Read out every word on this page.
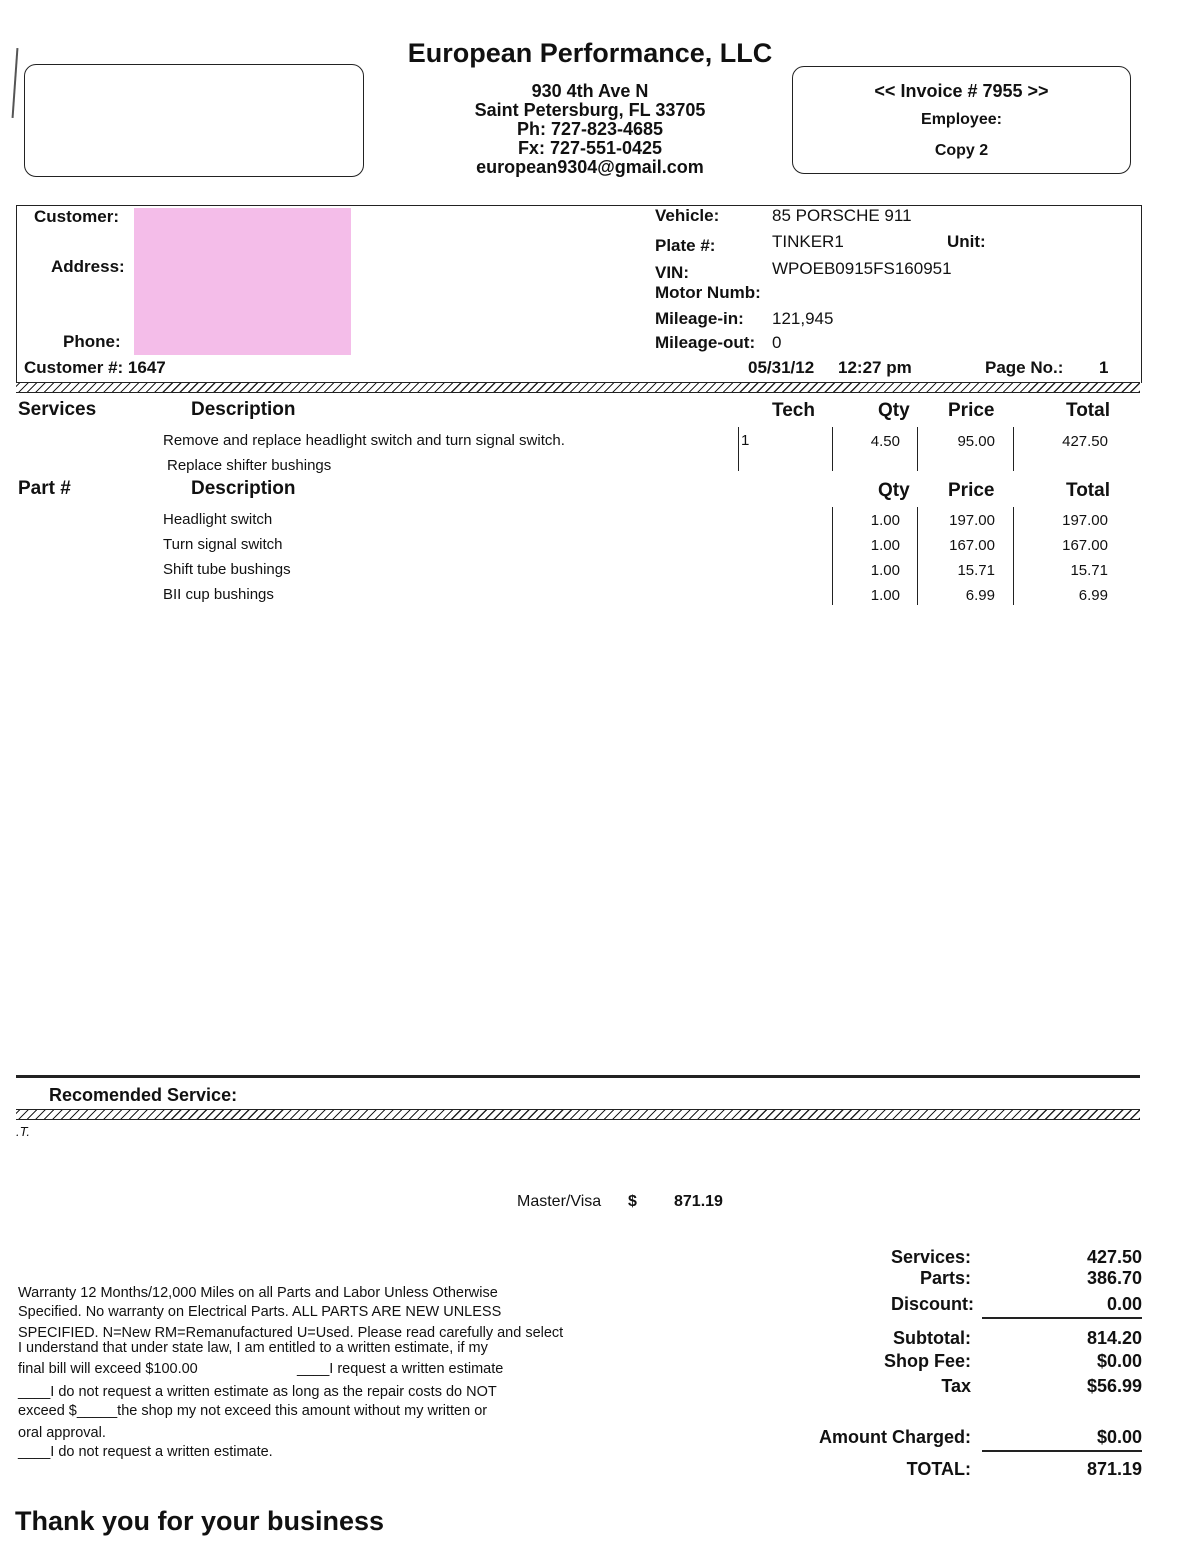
European Performance, LLC
930 4th Ave N
Saint Petersburg, FL 33705
Ph: 727-823-4685
Fx: 727-551-0425
european9304@gmail.com
<< Invoice # 7955 >>
Employee:
Copy 2
Customer:
Address:
Phone:
Customer #: 1647
Vehicle:	85 PORSCHE 911
Plate #:	TINKER1	Unit:
VIN:	WPOEB0915FS160951
Motor Numb:
Mileage-in: 121,945
Mileage-out: 0
05/31/12 12:27 pm	Page No.: 1
Services	Description	Tech	Qty Price	Total
Remove and replace headlight switch and turn signal switch.	1	4.50	95.00	427.50
Replace shifter bushings
Part #	Description	Qty Price	Total
Headlight switch	1.00	197.00	197.00
Turn signal switch	1.00	167.00	167.00
Shift tube bushings	1.00	15.71	15.71
BII cup bushings	1.00	6.99	6.99
Recomended Service:
.T.
Master/Visa $ 871.19
Services:	427.50
Parts:	386.70
Discount:	0.00
Subtotal:	814.20
Shop Fee:	$0.00
Tax	$56.99
Amount Charged:	$0.00
TOTAL:	871.19
Warranty 12 Months/12,000 Miles on all Parts and Labor Unless Otherwise
Specified. No warranty on Electrical Parts. ALL PARTS ARE NEW UNLESS
SPECIFIED. N=New RM=Remanufactured U=Used. Please read carefully and select
I understand that under state law, I am entitled to a written estimate, if my
final bill will exceed $100.00	____I request a written estimate
____I do not request a written estimate as long as the repair costs do NOT
exceed $_____the shop my not exceed this amount without my written or
oral approval.
____I do not request a written estimate.
Thank you for your business
